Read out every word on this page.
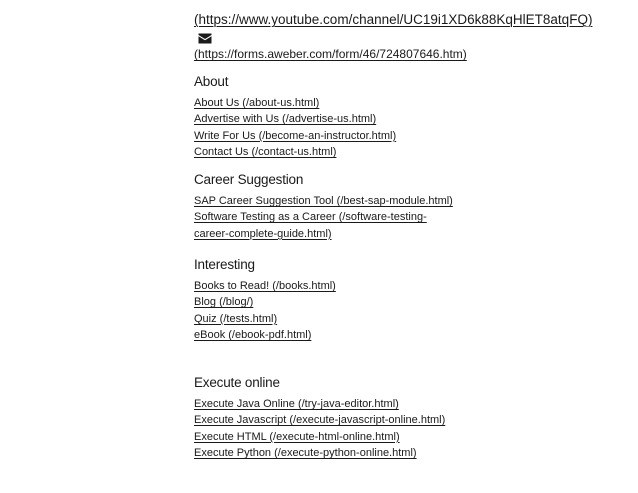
(https://www.youtube.com/channel/UC19i1XD6k88KqHlET8atqFQ)
(https://forms.aweber.com/form/46/724807646.htm)
About
About Us (/about-us.html)
Advertise with Us (/advertise-us.html)
Write For Us (/become-an-instructor.html)
Contact Us (/contact-us.html)
Career Suggestion
SAP Career Suggestion Tool (/best-sap-module.html)
Software Testing as a Career (/software-testing-career-complete-guide.html)
Interesting
Books to Read! (/books.html)
Blog (/blog/)
Quiz (/tests.html)
eBook (/ebook-pdf.html)
Execute online
Execute Java Online (/try-java-editor.html)
Execute Javascript (/execute-javascript-online.html)
Execute HTML (/execute-html-online.html)
Execute Python (/execute-python-online.html)
